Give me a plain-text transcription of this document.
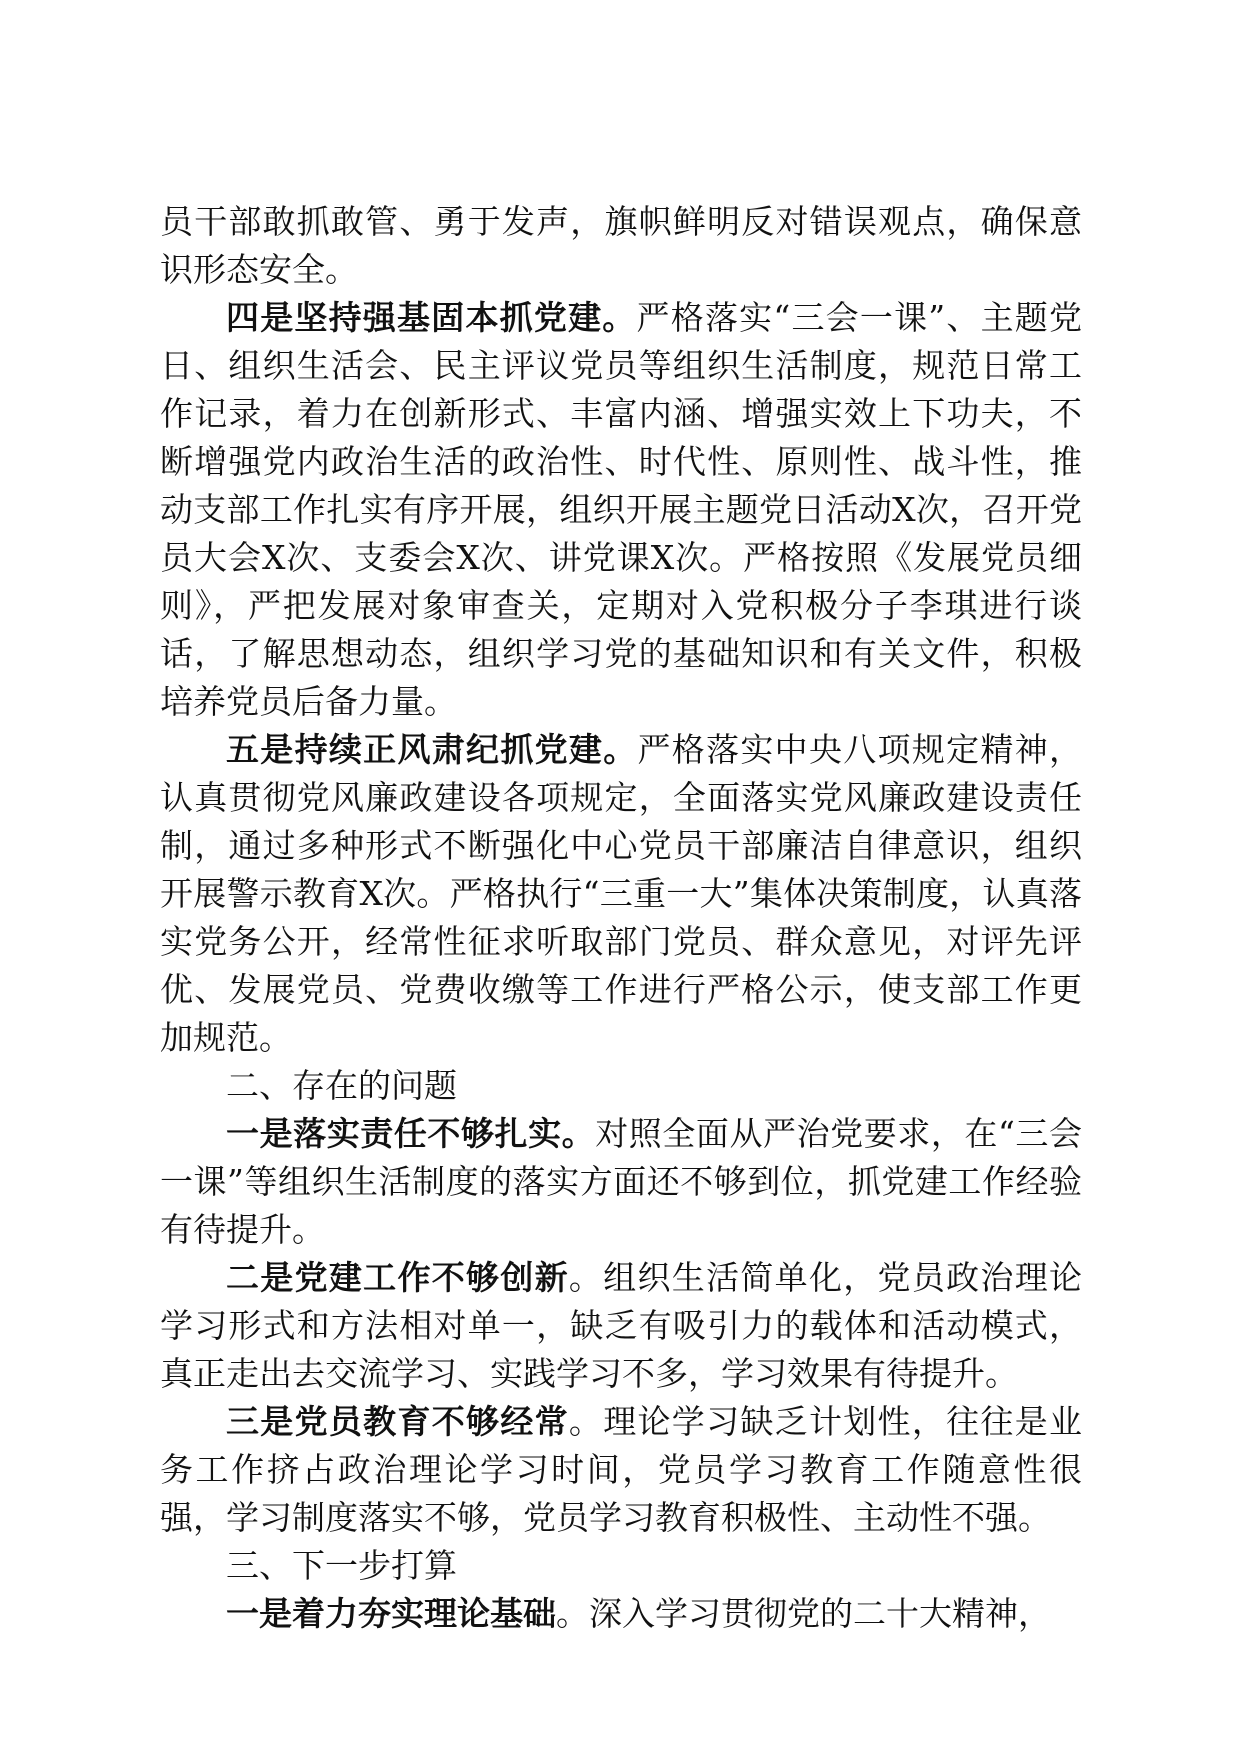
员干部敢抓敢管、勇于发声，旗帜鲜明反对错误观点，确保意识形态安全。

四是坚持强基固本抓党建。严格落实“三会一课”、主题党日、组织生活会、民主评议党员等组织生活制度，规范日常工作记录，着力在创新形式、丰富内涵、增强实效上下功夫，不断增强党内政治生活的政治性、时代性、原则性、战斗性，推动支部工作扎实有序开展，组织开展主题党日活动X次，召开党员大会X次、支委会X次、讲党课X次。严格按照《发展党员细则》，严把发展对象审查关，定期对入党积极分子李琪进行谈话，了解思想动态，组织学习党的基础知识和有关文件，积极培养党员后备力量。

五是持续正风肃纪抓党建。严格落实中央八项规定精神，认真贯彻党风廉政建设各项规定，全面落实党风廉政建设责任制，通过多种形式不断强化中心党员干部廉洁自律意识，组织开展警示教育X次。严格执行“三重一大”集体决策制度，认真落实党务公开，经常性征求听取部门党员、群众意见，对评先评优、发展党员、党费收缴等工作进行严格公示，使支部工作更加规范。

二、存在的问题

一是落实责任不够扎实。对照全面从严治党要求，在“三会一课”等组织生活制度的落实方面还不够到位，抓党建工作经验有待提升。

二是党建工作不够创新。组织生活简单化，党员政治理论学习形式和方法相对单一，缺乏有吸引力的载体和活动模式，真正走出去交流学习、实践学习不多，学习效果有待提升。

三是党员教育不够经常。理论学习缺乏计划性，往往是业务工作挤占政治理论学习时间，党员学习教育工作随意性很强，学习制度落实不够，党员学习教育积极性、主动性不强。

三、下一步打算

一是着力夯实理论基础。深入学习贯彻党的二十大精神，
